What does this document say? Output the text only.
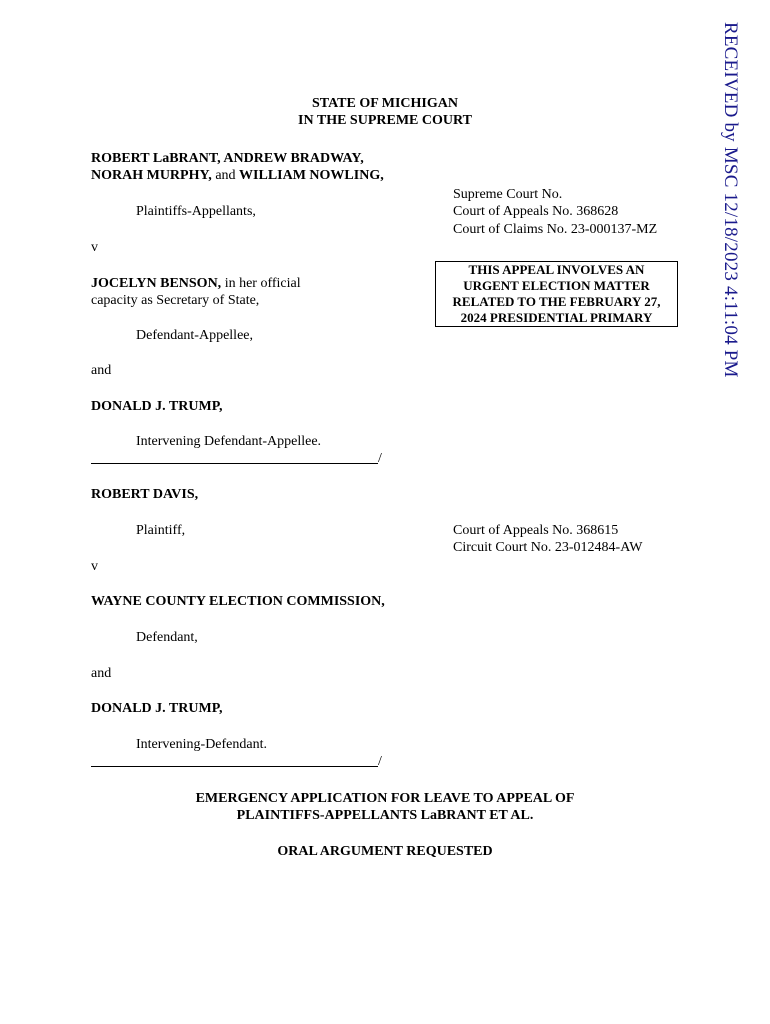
RECEIVED by MSC 12/18/2023 4:11:04 PM
STATE OF MICHIGAN
IN THE SUPREME COURT
ROBERT LaBRANT, ANDREW BRADWAY,
NORAH MURPHY, and WILLIAM NOWLING,
Plaintiffs-Appellants,
v
JOCELYN BENSON, in her official
capacity as Secretary of State,
Defendant-Appellee,
and
DONALD J. TRUMP,
Intervening Defendant-Appellee.
/
Supreme Court No.
Court of Appeals No. 368628
Court of Claims No. 23-000137-MZ
THIS APPEAL INVOLVES AN
URGENT ELECTION MATTER
RELATED TO THE FEBRUARY 27,
2024 PRESIDENTIAL PRIMARY
ROBERT DAVIS,
Plaintiff,
v
WAYNE COUNTY ELECTION COMMISSION,
Defendant,
and
DONALD J. TRUMP,
Intervening-Defendant.
/
Court of Appeals No. 368615
Circuit Court No. 23-012484-AW
EMERGENCY APPLICATION FOR LEAVE TO APPEAL OF
PLAINTIFFS-APPELLANTS LaBRANT ET AL.
ORAL ARGUMENT REQUESTED
